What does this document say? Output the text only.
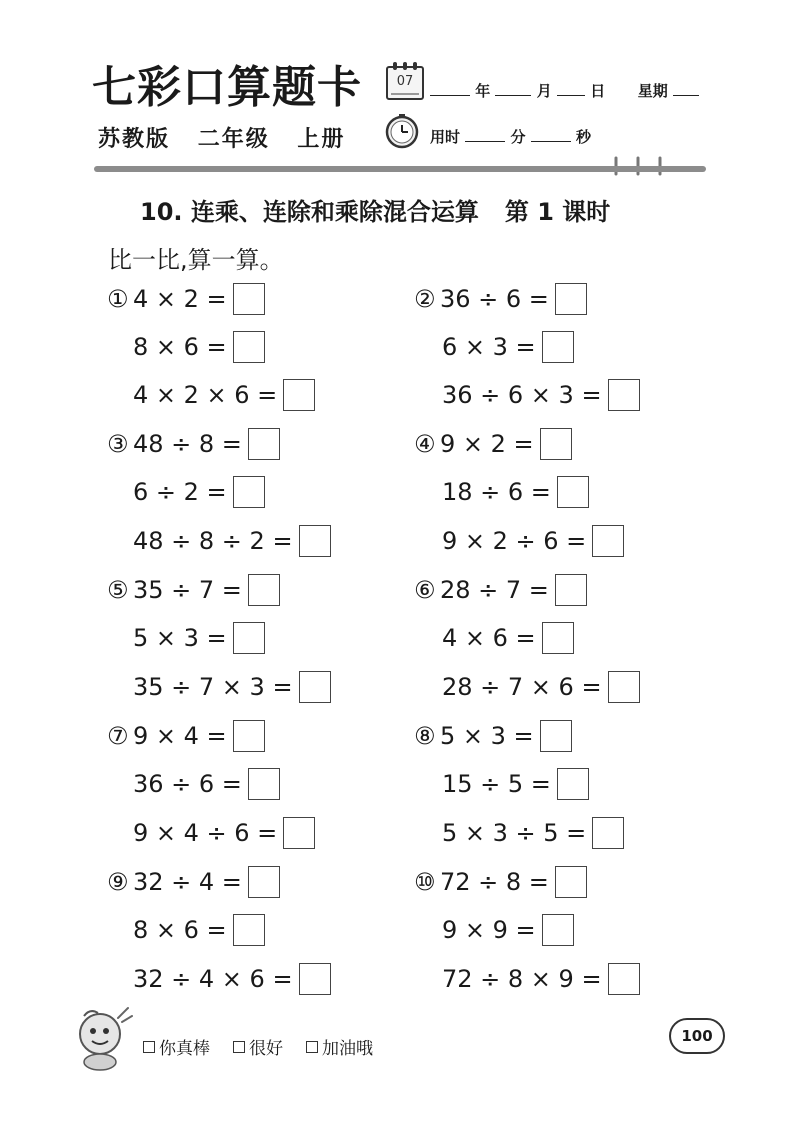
七彩口算题卡
苏教版 二年级 上册
07
年	月	日 星期
用时	分	秒
10. 连乘、连除和乘除混合运算 第 1 课时
比一比,算一算。
① 4 × 2 =
8 × 6 =
4 × 2 × 6 =
③ 48 ÷ 8 =
6 ÷ 2 =
48 ÷ 8 ÷ 2 =
⑤ 35 ÷ 7 =
5 × 3 =
35 ÷ 7 × 3 =
⑦ 9 × 4 =
36 ÷ 6 =
9 × 4 ÷ 6 =
⑨ 32 ÷ 4 =
8 × 6 =
32 ÷ 4 × 6 =
② 36 ÷ 6 =
6 × 3 =
36 ÷ 6 × 3 =
④ 9 × 2 =
18 ÷ 6 =
9 × 2 ÷ 6 =
⑥ 28 ÷ 7 =
4 × 6 =
28 ÷ 7 × 6 =
⑧ 5 × 3 =
15 ÷ 5 =
5 × 3 ÷ 5 =
⑩ 72 ÷ 8 =
9 × 9 =
72 ÷ 8 × 9 =
你真棒 很好 加油哦
100
